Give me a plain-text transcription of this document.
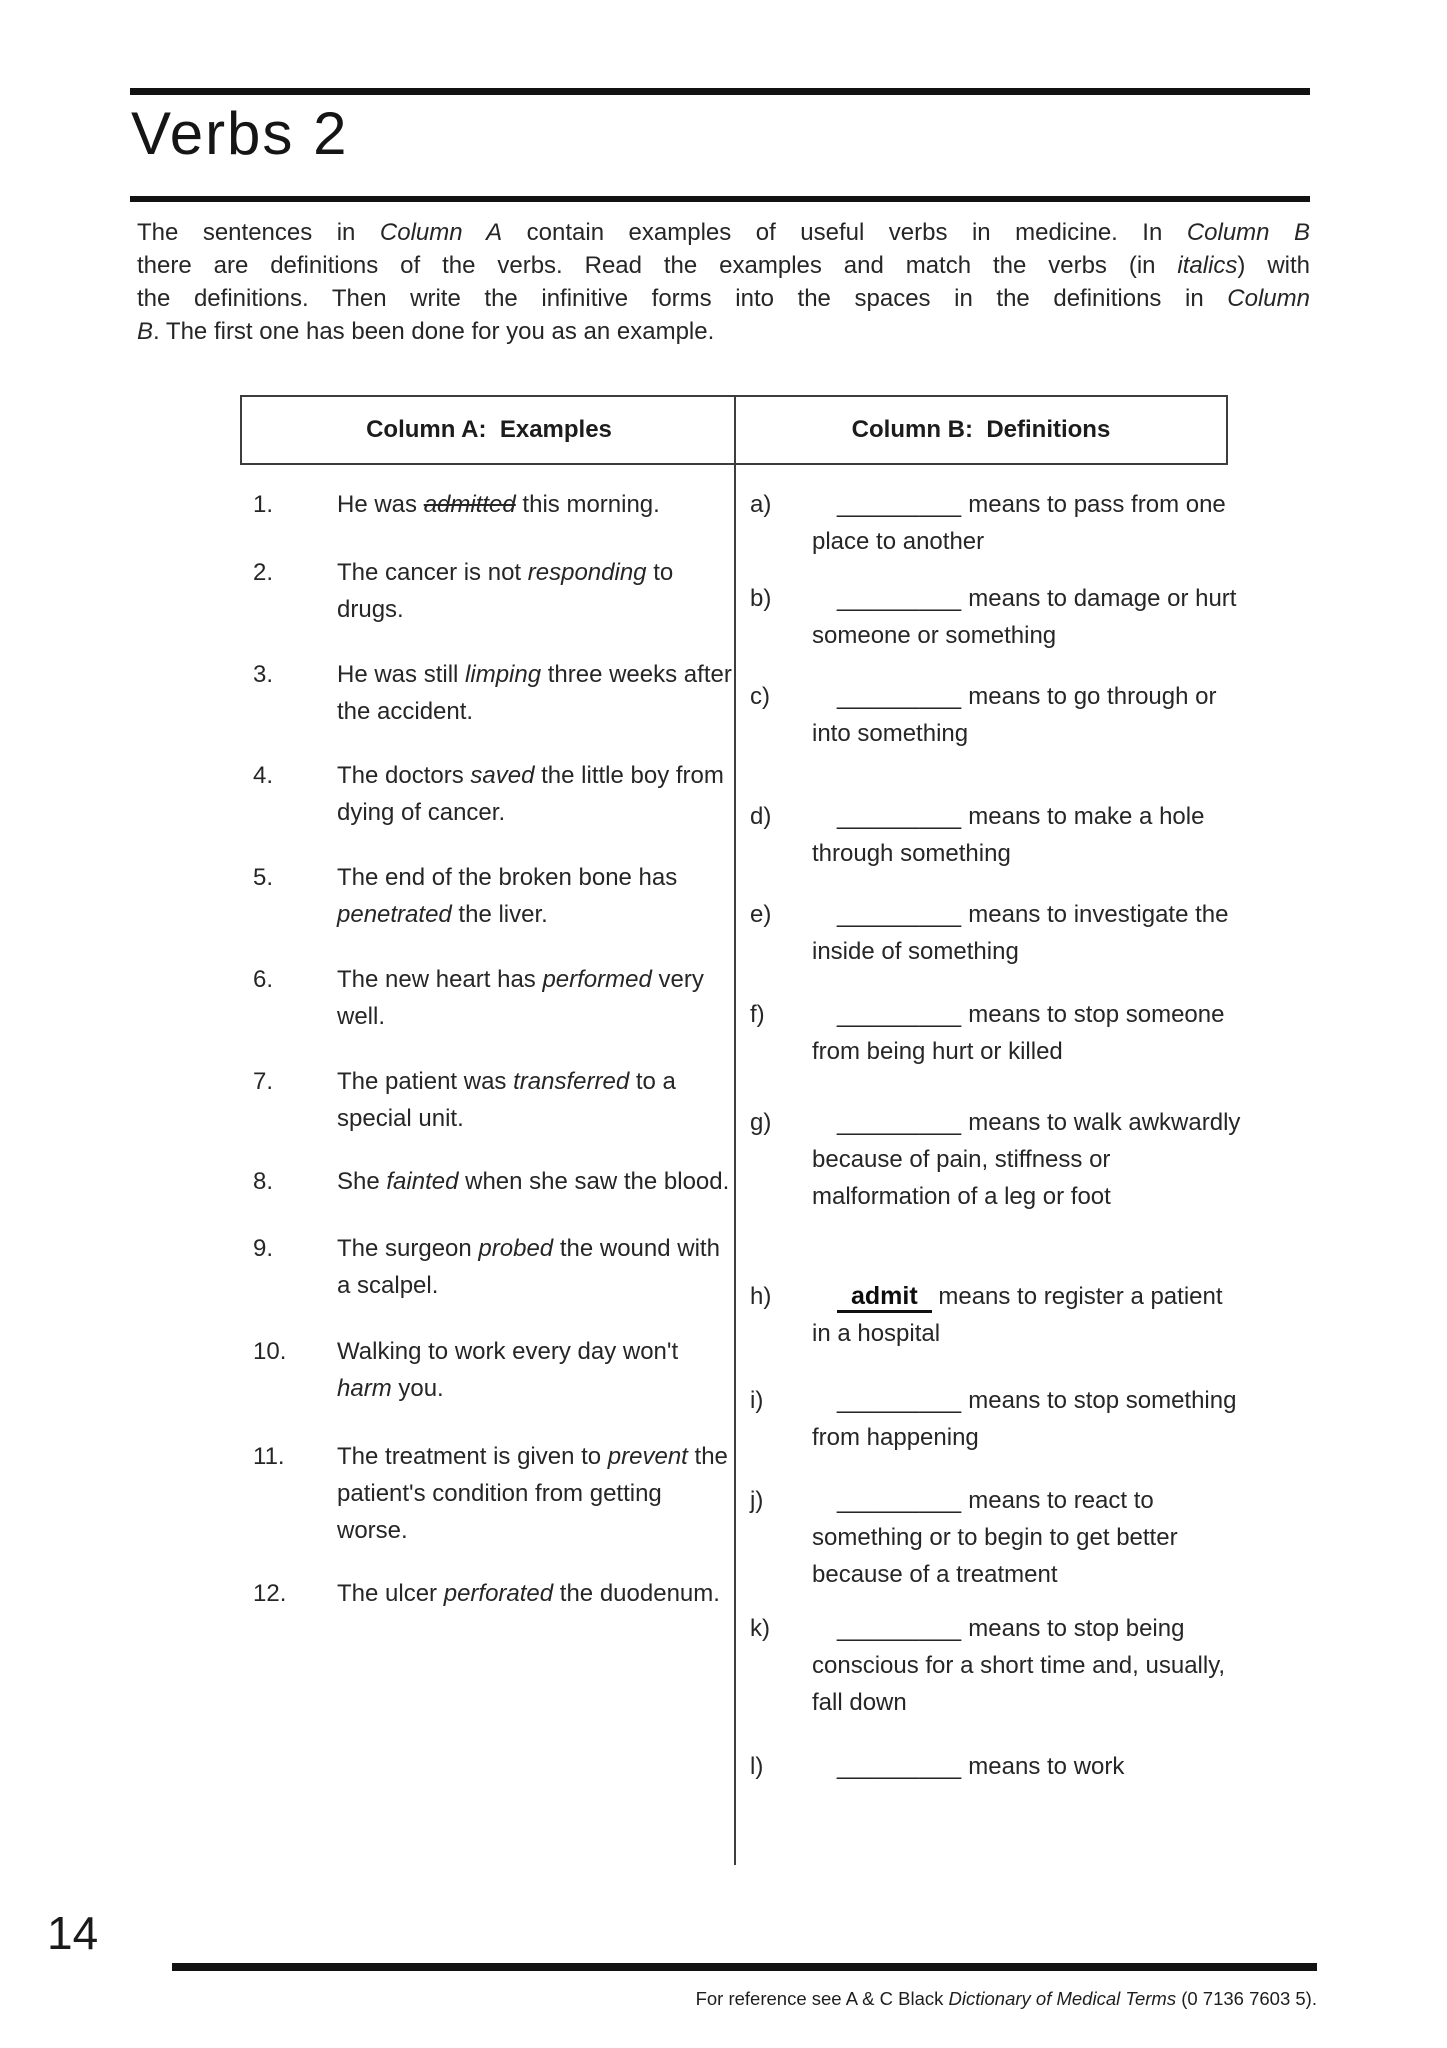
Verbs 2
The sentences in Column A contain examples of useful verbs in medicine. In Column B
there are definitions of the verbs. Read the examples and match the verbs (in italics) with
the definitions. Then write the infinitive forms into the spaces in the definitions in Column
B. The first one has been done for you as an example.
Column A:  Examples	Column B:  Definitions
1.	He was admitted this morning.

2.	The cancer is not responding to drugs.

3.	He was still limping three weeks after the accident.

4.	The doctors saved the little boy from dying of cancer.

5.	The end of the broken bone has penetrated the liver.

6.	The new heart has performed very well.

7.	The patient was transferred to a special unit.

8.	She fainted when she saw the blood.

9.	The surgeon probed the wound with a scalpel.

10. Walking to work every day won't harm you.

11. The treatment is given to prevent the patient's condition from getting worse.

12. The ulcer perforated the duodenum.

a)	_________ means to pass from one place to another

b)	_________ means to damage or hurt someone or something

c)	_________ means to go through or into something

d)	_________ means to make a hole through something

e)	_________ means to investigate the inside of something

f)	_________ means to stop someone from being hurt or killed

g)	_________ means to walk awkwardly because of pain, stiffness or malformation of a leg or foot

h)	admit means to register a patient in a hospital

i)	_________ means to stop something from happening

j)	_________ means to react to something or to begin to get better because of a treatment

k)	_________ means to stop being conscious for a short time and, usually, fall down

l)	_________ means to work

14
For reference see A & C Black Dictionary of Medical Terms (0 7136 7603 5).
